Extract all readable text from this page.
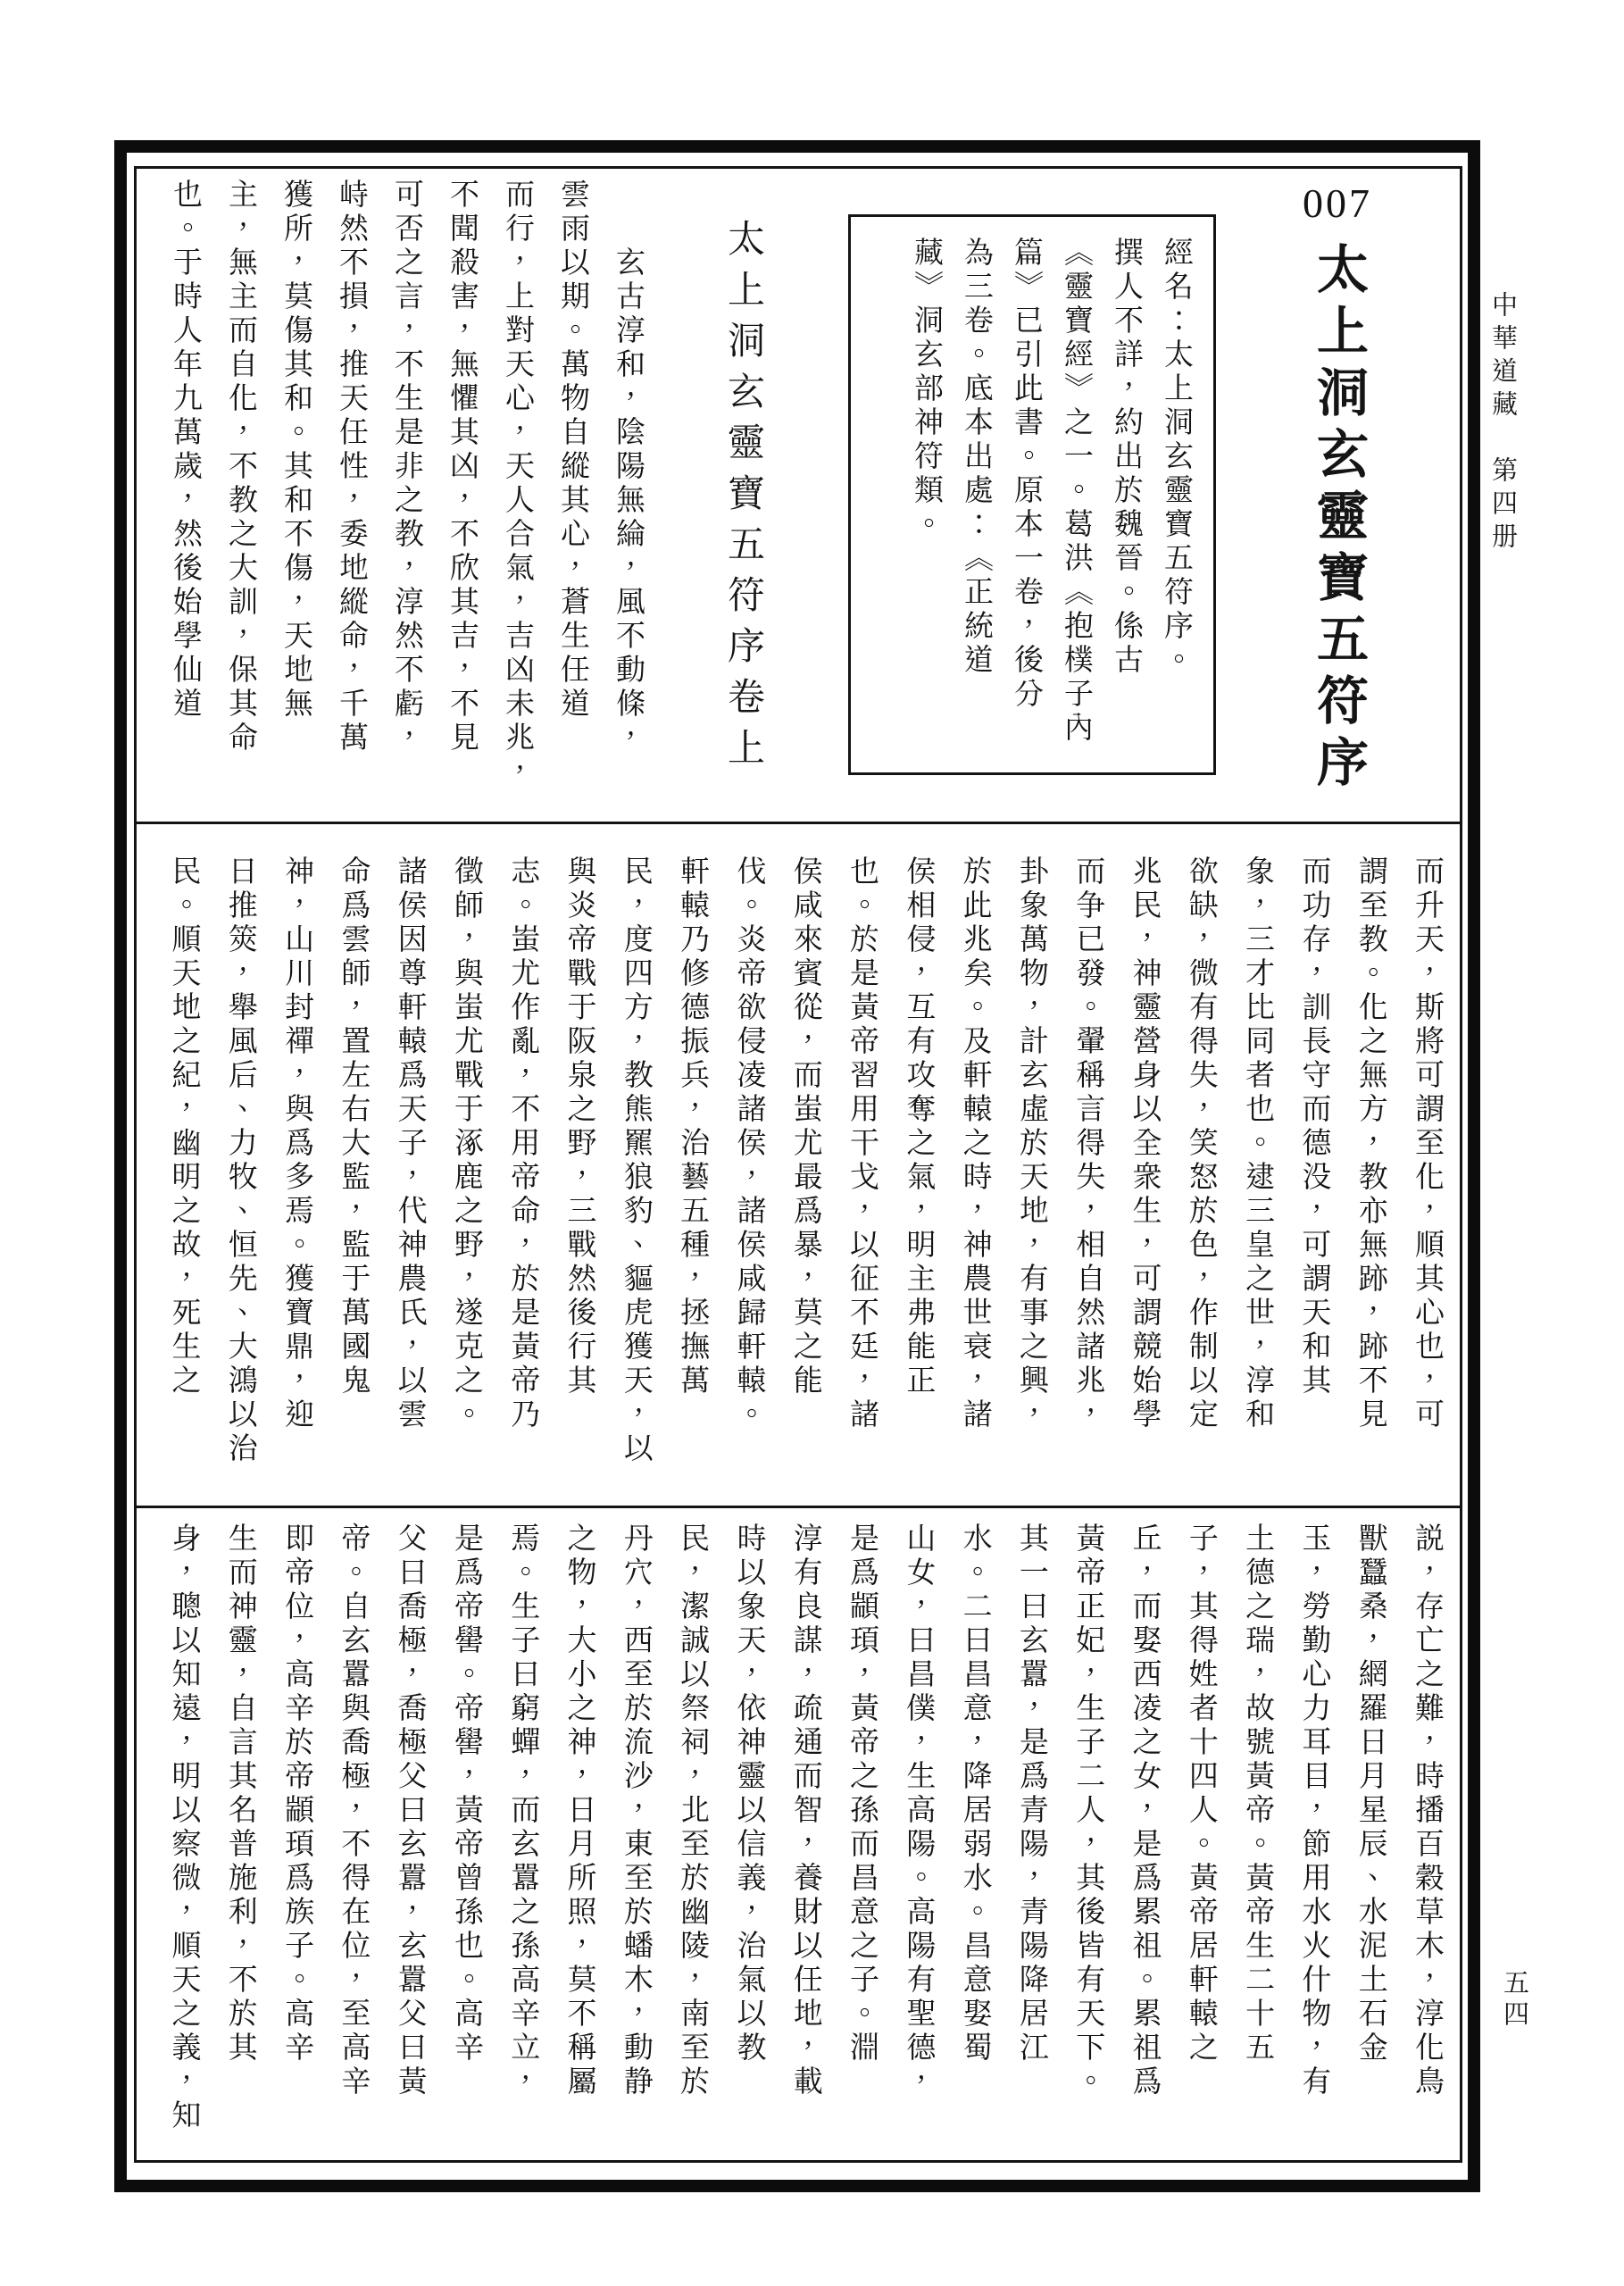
中華道藏　第四册
五四
007
太上洞玄靈寶五符序
經名：太上洞玄靈寶五符序。
撰人不詳，約出於魏晉。係古
《靈寶經》之一。葛洪《抱樸子內
篇》已引此書。原本一卷，後分
為三卷。底本出處：《正統道
藏》洞玄部神符類。
太上洞玄靈寶五符序卷上
　　玄古淳和，陰陽無綸，風不動條，
雲雨以期。萬物自縱其心，蒼生任道
而行，上對天心，天人合氣，吉凶未兆，
不聞殺害，無懼其凶，不欣其吉，不見
可否之言，不生是非之教，淳然不虧，
峙然不損，推天任性，委地縱命，千萬
獲所，莫傷其和。其和不傷，天地無
主，無主而自化，不教之大訓，保其命
也。于時人年九萬歲，然後始學仙道
而升天，斯將可謂至化，順其心也，可
謂至教。化之無方，教亦無跡，跡不見
而功存，訓長守而德没，可謂天和其
象，三才比同者也。逮三皇之世，淳和
欲缺，微有得失，笑怒於色，作制以定
兆民，神靈營身以全衆生，可謂競始學
而争已發。翬稱言得失，相自然諸兆，
卦象萬物，計玄虛於天地，有事之興，
於此兆矣。及軒轅之時，神農世衰，諸
侯相侵，互有攻奪之氣，明主弗能正
也。於是黃帝習用干戈，以征不廷，諸
侯咸來賓從，而蚩尤最爲暴，莫之能
伐。炎帝欲侵凌諸侯，諸侯咸歸軒轅。
軒轅乃修德振兵，治藝五種，拯撫萬
民，度四方，教熊羆狼豹、貙虎獲天，以
與炎帝戰于阪泉之野，三戰然後行其
志。蚩尤作亂，不用帝命，於是黃帝乃
徵師，與蚩尤戰于涿鹿之野，遂克之。
諸侯因尊軒轅爲天子，代神農氏，以雲
命爲雲師，置左右大監，監于萬國鬼
神，山川封禪，與爲多焉。獲寶鼎，迎
日推筴，舉風后、力牧、恒先、大鴻以治
民。順天地之紀，幽明之故，死生之
説，存亡之難，時播百穀草木，淳化鳥
獸蠶桑，網羅日月星辰、水泥土石金
玉，勞勤心力耳目，節用水火什物，有
土德之瑞，故號黃帝。黃帝生二十五
子，其得姓者十四人。黃帝居軒轅之
丘，而娶西凌之女，是爲累祖。累祖爲
黃帝正妃，生子二人，其後皆有天下。
其一曰玄囂，是爲青陽，青陽降居江
水。二曰昌意，降居弱水。昌意娶蜀
山女，曰昌僕，生高陽。高陽有聖德，
是爲顓頊，黃帝之孫而昌意之子。淵
淳有良謀，疏通而智，養財以任地，載
時以象天，依神靈以信義，治氣以教
民，潔誠以祭祠，北至於幽陵，南至於
丹穴，西至於流沙，東至於蟠木，動静
之物，大小之神，日月所照，莫不稱屬
焉。生子曰窮蟬，而玄囂之孫高辛立，
是爲帝嚳。帝嚳，黃帝曾孫也。高辛
父曰喬極，喬極父曰玄囂，玄囂父曰黃
帝。自玄囂與喬極，不得在位，至高辛
即帝位，高辛於帝顓頊爲族子。高辛
生而神靈，自言其名普施利，不於其
身，聰以知遠，明以察微，順天之義，知
